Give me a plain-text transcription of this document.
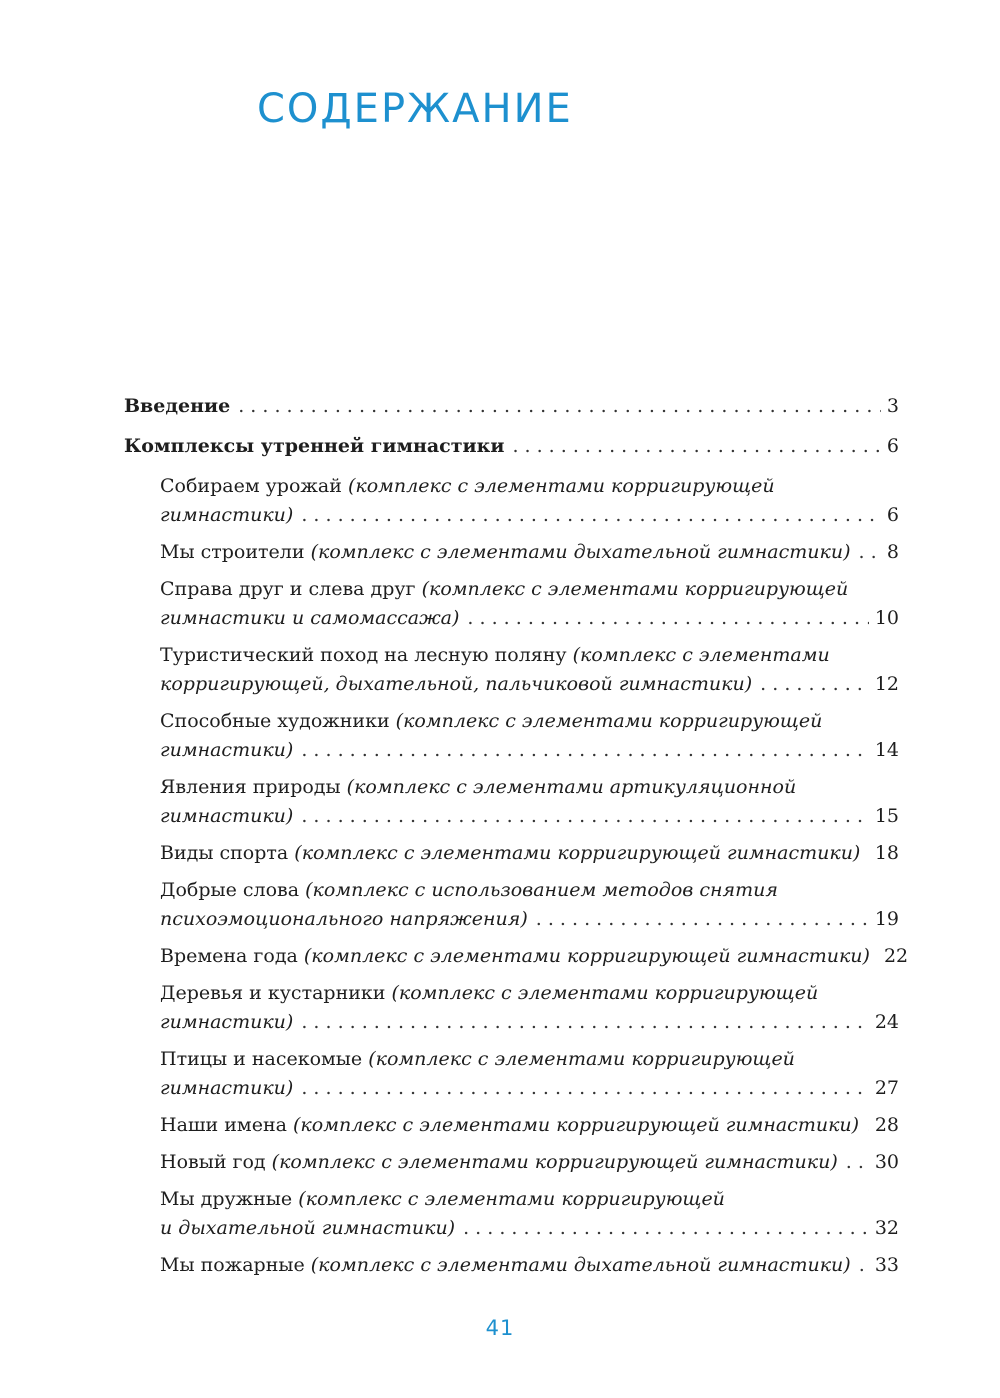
СОДЕРЖАНИЕ
Введение . . .	3
Комплексы утренней гимнастики . . .	6
Собираем урожай (комплекс с элементами корригирующей
гимнастики) . . .	6
Мы строители
(комплекс с элементами дыхательной гимнастики) . . . 8
Справа друг и слева друг (комплекс с элементами корригирующей
гимнастики и самомассажа) . . .	10
Туристический поход на лесную поляну (комплекс с элементами
корригирующей, дыхательной, пальчиковой гимнастики) . . .	12
Способные художники (комплекс с элементами корригирующей
гимнастики) . . .	14
Явления природы (комплекс с элементами артикуляционной
гимнастики) . . .	15
Виды спорта
(комплекс с элементами корригирующей гимнастики) . . . 18
Добрые слова (комплекс с использованием методов снятия
психоэмоционального напряжения) . . .	19
Времена года
(комплекс с элементами корригирующей гимнастики) 22
Деревья и кустарники (комплекс с элементами корригирующей
гимнастики) . . .	24
Птицы и насекомые (комплекс с элементами корригирующей
гимнастики) . . .	27
Наши имена
(комплекс с элементами корригирующей гимнастики) . . . 28
Новый год
(комплекс с элементами корригирующей гимнастики) . . . 30
Мы дружные (комплекс с элементами корригирующей
и дыхательной гимнастики) . . .	32
Мы пожарные
(комплекс с элементами дыхательной гимнастики) . . . 33
41
